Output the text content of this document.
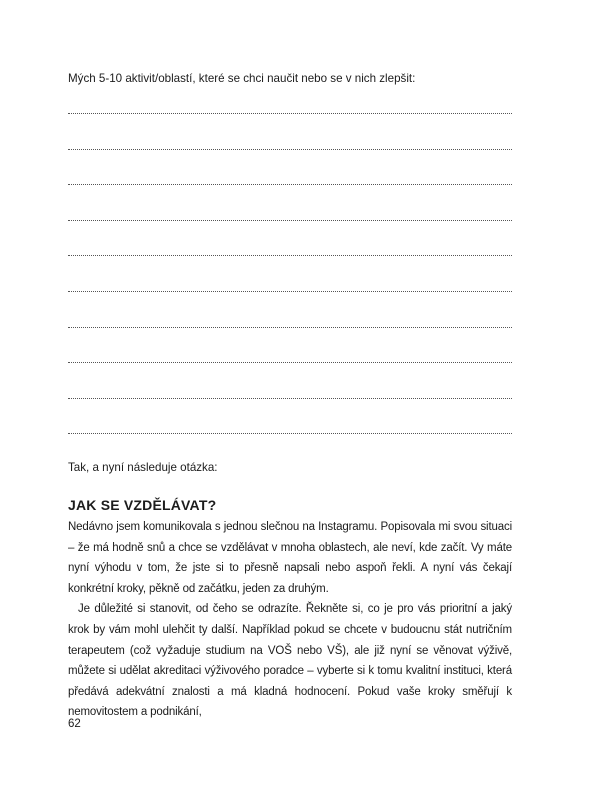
Mých 5-10 aktivit/oblastí, které se chci naučit nebo se v nich zlepšit:
Tak, a nyní následuje otázka:
JAK SE VZDĚLÁVAT?

Nedávno jsem komunikovala s jednou slečnou na Instagramu. Popisovala mi svou situaci – že má hodně snů a chce se vzdělávat v mnoha oblastech, ale neví, kde začít. Vy máte nyní výhodu v tom, že jste si to přesně napsali nebo aspoň řekli. A nyní vás čekají konkrétní kroky, pěkně od začátku, jeden za druhým.

Je důležité si stanovit, od čeho se odrazíte. Řekněte si, co je pro vás prioritní a jaký krok by vám mohl ulehčit ty další. Například pokud se chcete v budoucnu stát nutričním terapeutem (což vyžaduje studium na VOŠ nebo VŠ), ale již nyní se věnovat výživě, můžete si udělat akreditaci výživového poradce – vyberte si k tomu kvalitní instituci, která předává adekvátní znalosti a má kladná hodnocení. Pokud vaše kroky směřují k nemovitostem a podnikání,

62
